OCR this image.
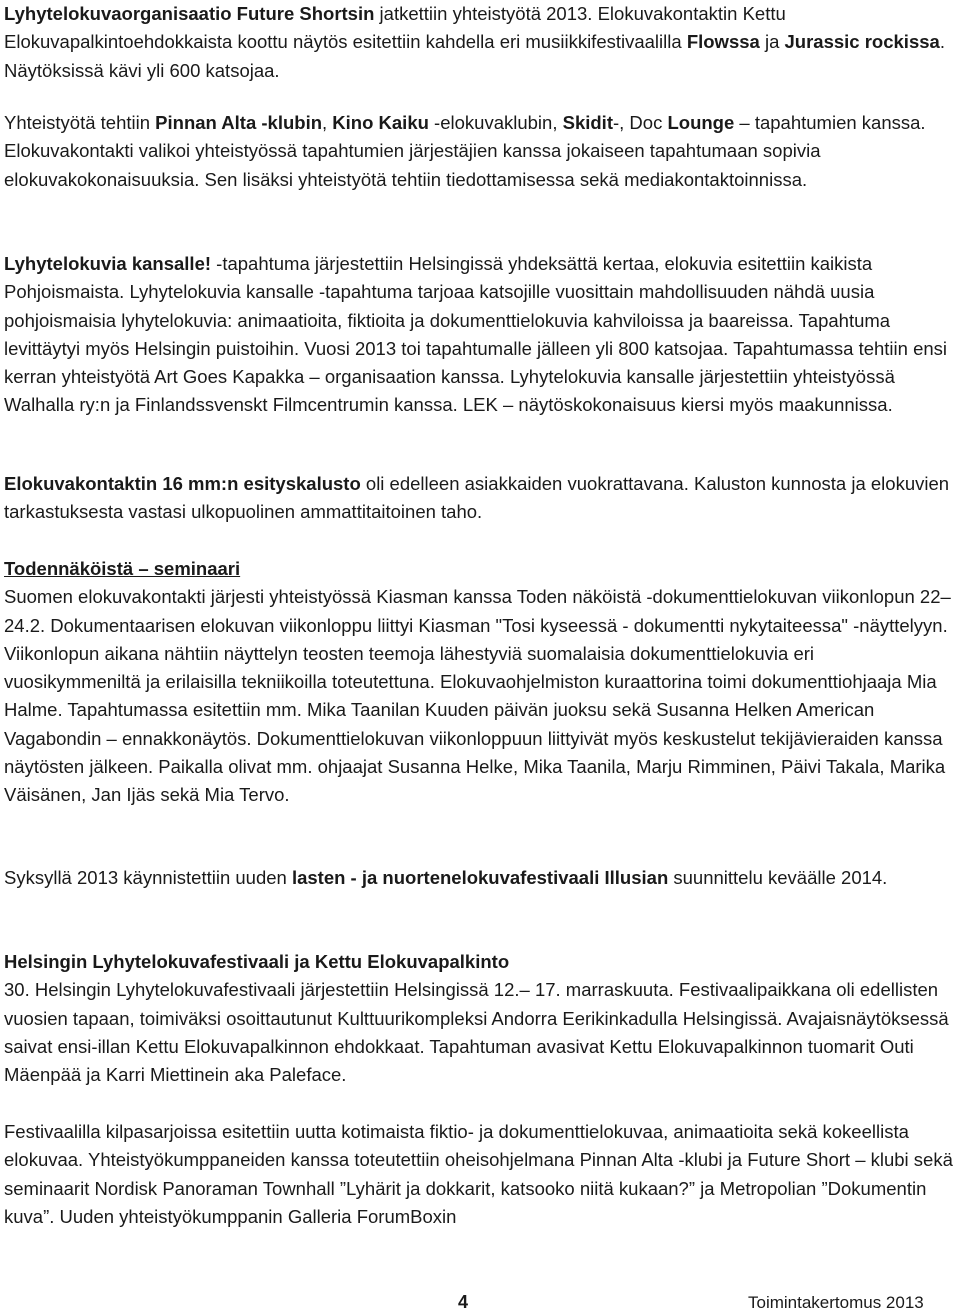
Lyhytelokuvaorganisaatio Future Shortsin jatkettiin yhteistyötä 2013. Elokuvakontaktin Kettu Elokuvapalkintoehdokkaista koottu näytös esitettiin kahdella eri musiikkifestivaalilla Flowssa ja Jurassic rockissa. Näytöksissä kävi yli 600 katsojaa.

Yhteistyötä tehtiin Pinnan Alta -klubin, Kino Kaiku -elokuvaklubin, Skidit-, Doc Lounge – tapahtumien kanssa. Elokuvakontakti valikoi yhteistyössä tapahtumien järjestäjien kanssa jokaiseen tapahtumaan sopivia elokuvakokonaisuuksia. Sen lisäksi yhteistyötä tehtiin tiedottamisessa sekä mediakontaktoinnissa.

Lyhytelokuvia kansalle! -tapahtuma järjestettiin Helsingissä yhdeksättä kertaa, elokuvia esitettiin kaikista Pohjoismaista. Lyhytelokuvia kansalle -tapahtuma tarjoaa katsojille vuosittain mahdollisuuden nähdä uusia pohjoismaisia lyhytelokuvia: animaatioita, fiktioita ja dokumenttielokuvia kahviloissa ja baareissa. Tapahtuma levittäytyi myös Helsingin puistoihin. Vuosi 2013 toi tapahtumalle jälleen yli 800 katsojaa. Tapahtumassa tehtiin ensi kerran yhteistyötä Art Goes Kapakka – organisaation kanssa. Lyhytelokuvia kansalle järjestettiin yhteistyössä Walhalla ry:n ja Finlandssvenskt Filmcentrumin kanssa. LEK – näytöskokonaisuus kiersi myös maakunnissa.

Elokuvakontaktin 16 mm:n esityskalusto oli edelleen asiakkaiden vuokrattavana. Kaluston kunnosta ja elokuvien tarkastuksesta vastasi ulkopuolinen ammattitaitoinen taho.

Todennäköistä – seminaari
Suomen elokuvakontakti järjesti yhteistyössä Kiasman kanssa Toden näköistä -dokumenttielokuvan viikonlopun 22–24.2. Dokumentaarisen elokuvan viikonloppu liittyi Kiasman "Tosi kyseessä - dokumentti nykytaiteessa" -näyttelyyn. Viikonlopun aikana nähtiin näyttelyn teosten teemoja lähestyviä suomalaisia dokumenttielokuvia eri vuosikymmeniltä ja erilaisilla tekniikoilla toteutettuna. Elokuvaohjelmiston kuraattorina toimi dokumenttiohjaaja Mia Halme. Tapahtumassa esitettiin mm. Mika Taanilan Kuuden päivän juoksu sekä Susanna Helken American Vagabondin – ennakkonäytös. Dokumenttielokuvan viikonloppuun liittyivät myös keskustelut tekijävieraiden kanssa näytösten jälkeen. Paikalla olivat mm. ohjaajat Susanna Helke, Mika Taanila, Marju Rimminen, Päivi Takala, Marika Väisänen, Jan Ijäs sekä Mia Tervo.

Syksyllä 2013 käynnistettiin uuden lasten - ja nuortenelokuvafestivaali Illusian suunnittelu keväälle 2014.

Helsingin Lyhytelokuvafestivaali ja Kettu Elokuvapalkinto
30. Helsingin Lyhytelokuvafestivaali järjestettiin Helsingissä 12.– 17. marraskuuta. Festivaalipaikkana oli edellisten vuosien tapaan, toimiväksi osoittautunut Kulttuurikompleksi Andorra Eerikinkadulla Helsingissä. Avajaisnäytöksessä saivat ensi-illan Kettu Elokuvapalkinnon ehdokkaat. Tapahtuman avasivat Kettu Elokuvapalkinnon tuomarit Outi Mäenpää ja Karri Miettinein aka Paleface.

Festivaalilla kilpasarjoissa esitettiin uutta kotimaista fiktio- ja dokumenttielokuvaa, animaatioita sekä kokeellista elokuvaa. Yhteistyökumppaneiden kanssa toteutettiin oheisohjelmana Pinnan Alta -klubi ja Future Short – klubi sekä seminaarit Nordisk Panoraman Townhall ”Lyhärit ja dokkarit, katsooko niitä kukaan?” ja Metropolian ”Dokumentin kuva”. Uuden yhteistyökumppanin Galleria ForumBoxin

4	Toimintakertomus 2013
